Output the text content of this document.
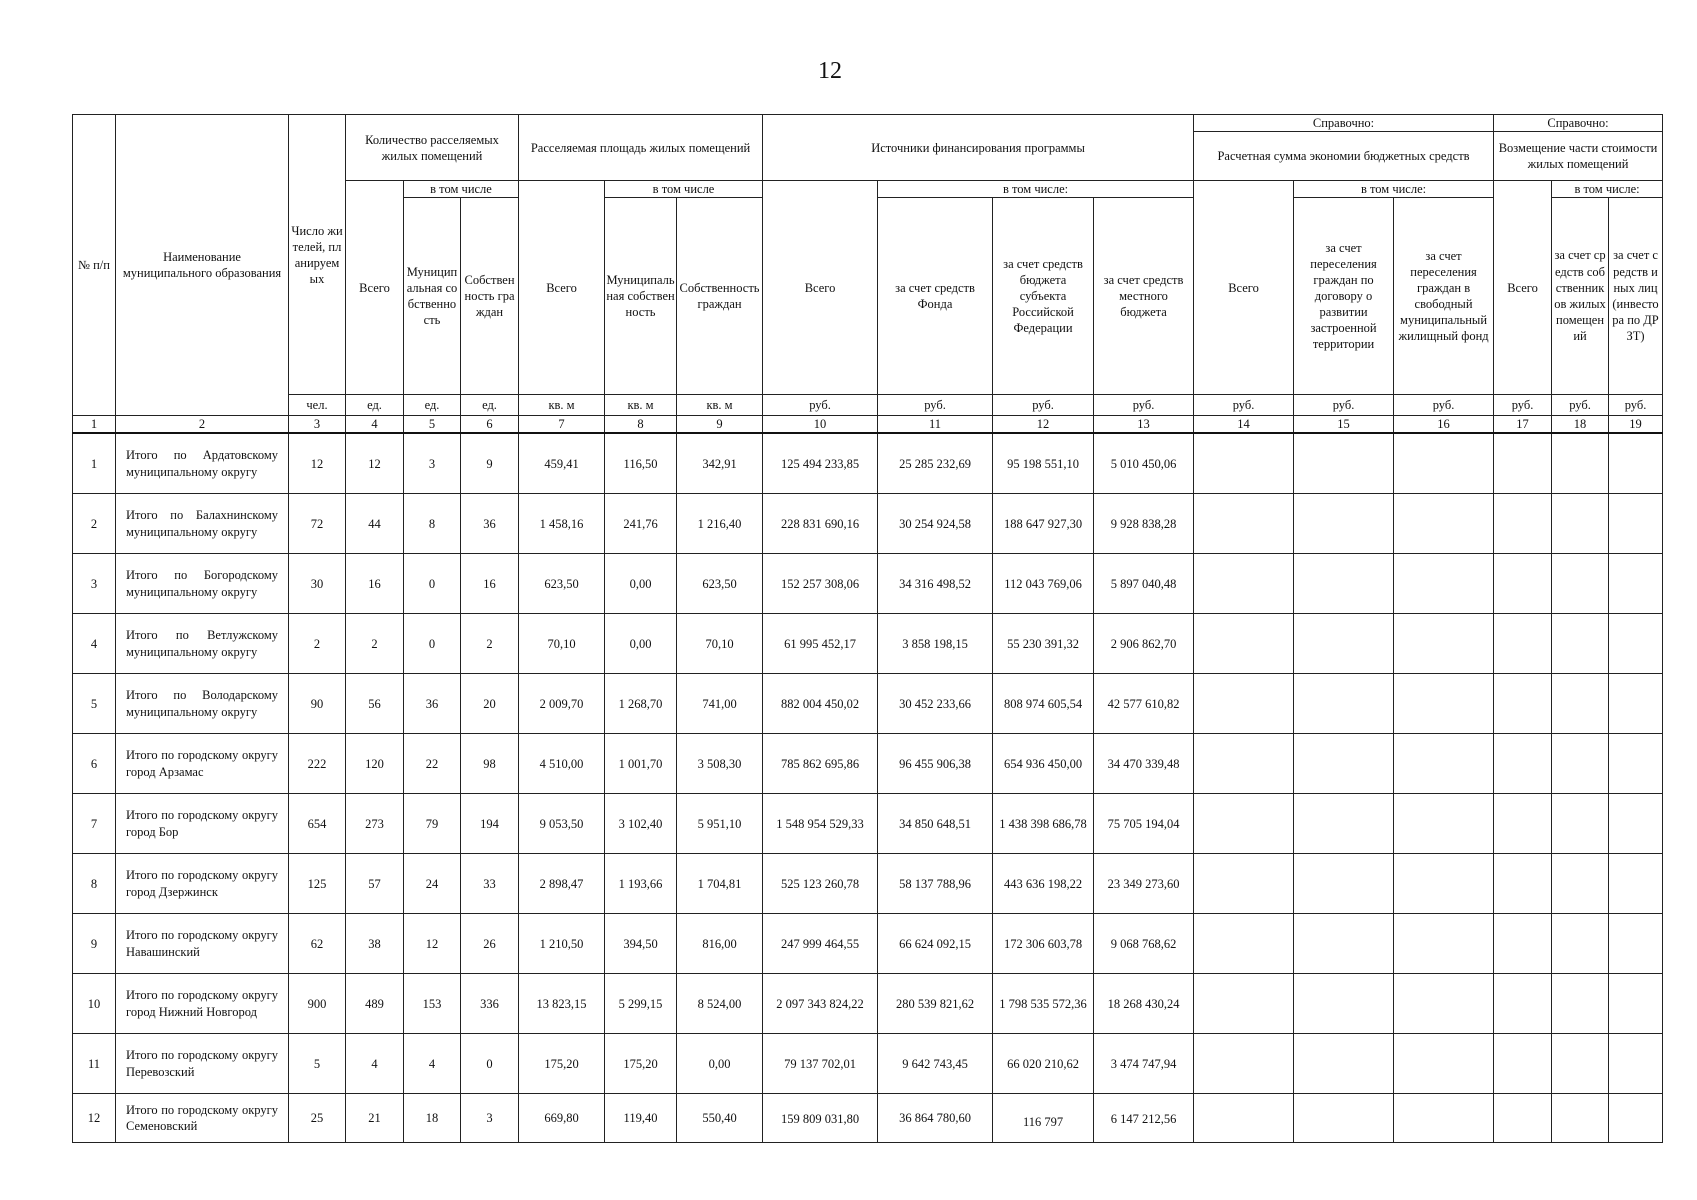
12
№ п/п	Наименование муниципального образования	Число жителей, планируемых	Количество расселяемых жилых помещений			Расселяемая площадь жилых помещений			Источники финансирования программы				Справочно:			Справочно:		
													Расчетная сумма экономии бюджетных средств			Возмещение части стоимости жилых помещений		
			Всего	в том числе		Всего	в том числе		Всего	в том числе:			Всего	в том числе:		Всего	в том числе:	
				Муниципальная собственность	Собственность граждан		Муниципальная собственность	Собственность граждан		за счет средств Фонда	за счет средств бюджета субъекта Российской Федерации	за счет средств местного бюджета		за счет переселения граждан по договору о развитии застроенной территории	за счет переселения граждан в свободный муниципальный жилищный фонд		за счет средств собственников жилых помещений	за счет средств иных лиц (инвестора по ДРЗТ)
		чел.	ед.	ед.	ед.	кв. м	кв. м	кв. м	руб.	руб.	руб.	руб.	руб.	руб.	руб.	руб.	руб.	руб.
1	2	3	4	5	6	7	8	9	10	11	12	13	14	15	16	17	18	19
1	Итого по Ардатовскому муниципальному округу	12	12	3	9	459,41	116,50	342,91	125 494 233,85	25 285 232,69	95 198 551,10	5 010 450,06						
2	Итого по Балахнинскому муниципальному округу	72	44	8	36	1 458,16	241,76	1 216,40	228 831 690,16	30 254 924,58	188 647 927,30	9 928 838,28						
3	Итого по Богородскому муниципальному округу	30	16	0	16	623,50	0,00	623,50	152 257 308,06	34 316 498,52	112 043 769,06	5 897 040,48						
4	Итого по Ветлужскому муниципальному округу	2	2	0	2	70,10	0,00	70,10	61 995 452,17	3 858 198,15	55 230 391,32	2 906 862,70						
5	Итого по Володарскому муниципальному округу	90	56	36	20	2 009,70	1 268,70	741,00	882 004 450,02	30 452 233,66	808 974 605,54	42 577 610,82						
6	Итого по городскому округу город Арзамас	222	120	22	98	4 510,00	1 001,70	3 508,30	785 862 695,86	96 455 906,38	654 936 450,00	34 470 339,48						
7	Итого по городскому округу город Бор	654	273	79	194	9 053,50	3 102,40	5 951,10	1 548 954 529,33	34 850 648,51	1 438 398 686,78	75 705 194,04						
8	Итого по городскому округу город Дзержинск	125	57	24	33	2 898,47	1 193,66	1 704,81	525 123 260,78	58 137 788,96	443 636 198,22	23 349 273,60						
9	Итого по городскому округу Навашинский	62	38	12	26	1 210,50	394,50	816,00	247 999 464,55	66 624 092,15	172 306 603,78	9 068 768,62						
10	Итого по городскому округу город Нижний Новгород	900	489	153	336	13 823,15	5 299,15	8 524,00	2 097 343 824,22	280 539 821,62	1 798 535 572,36	18 268 430,24						
11	Итого по городскому округу Перевозский	5	4	4	0	175,20	175,20	0,00	79 137 702,01	9 642 743,45	66 020 210,62	3 474 747,94						
12	Итого по городскому округу Семеновский	25	21	18	3	669,80	119,40	550,40	159 809 031,80	36 864 780,60	116 797	6 147 212,56						
